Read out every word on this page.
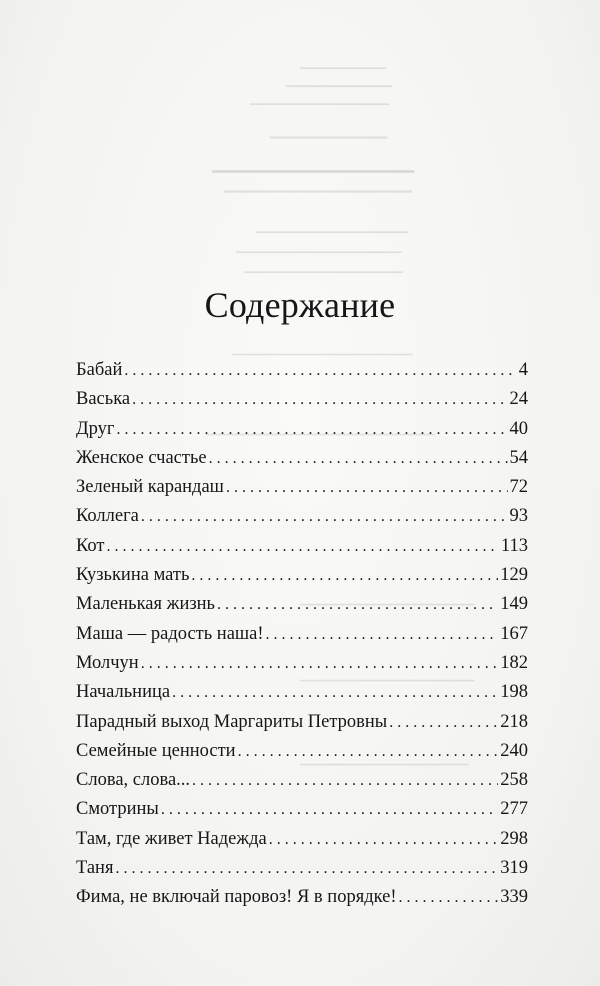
━━━━━━━━━━━━━
━━━━━━━━━━━━━━━━
━━━━━━━━━━━━━━━━━━━━━
━━━━━━━━━━━━━━━
━━━━━━━━━━━━━━━━━━━━━
━━━━━━━━━━━━━━━━━━━━━━━━
━━━━━━━━━━━━━━━━━━━━━━━
━━━━━━━━━━━━━━━━━━━━━━━━━
━━━━━━━━━━━━━━━━━━━━━━━━
━━━━━━━━━━━━━━━━━━━━━━━━━━━━━━
━━━━━━━━━━━━━━━━━━━━━━━━━━━━━━━━━━━━━━
━━━━━━━━━━━━━━━━━━━━━━━━━━━━━
━━━━━━━━━━━━━━━━━━━━━━━━━━━━━
━━━━━━━━━━━━━━━━━━━━━━━━━━━━
Содержание
Бабай . . .	4
Васька . . .	24
Друг . . .	40
Женское счастье . . .	54
Зеленый карандаш . . .	72
Коллега . . .	93
Кот . . .	113
Кузькина мать . . .	129
Маленькая жизнь . . .	149
Маша — радость наша! . . .	167
Молчун . . .	182
Начальница . . .	198
Парадный выход Маргариты Петровны . . .	218
Семейные ценности . . .	240
Слова, слова... . . .	258
Смотрины . . .	277
Там, где живет Надежда . . .	298
Таня . . .	319
Фима, не включай паровоз! Я в порядке! . . .	339
